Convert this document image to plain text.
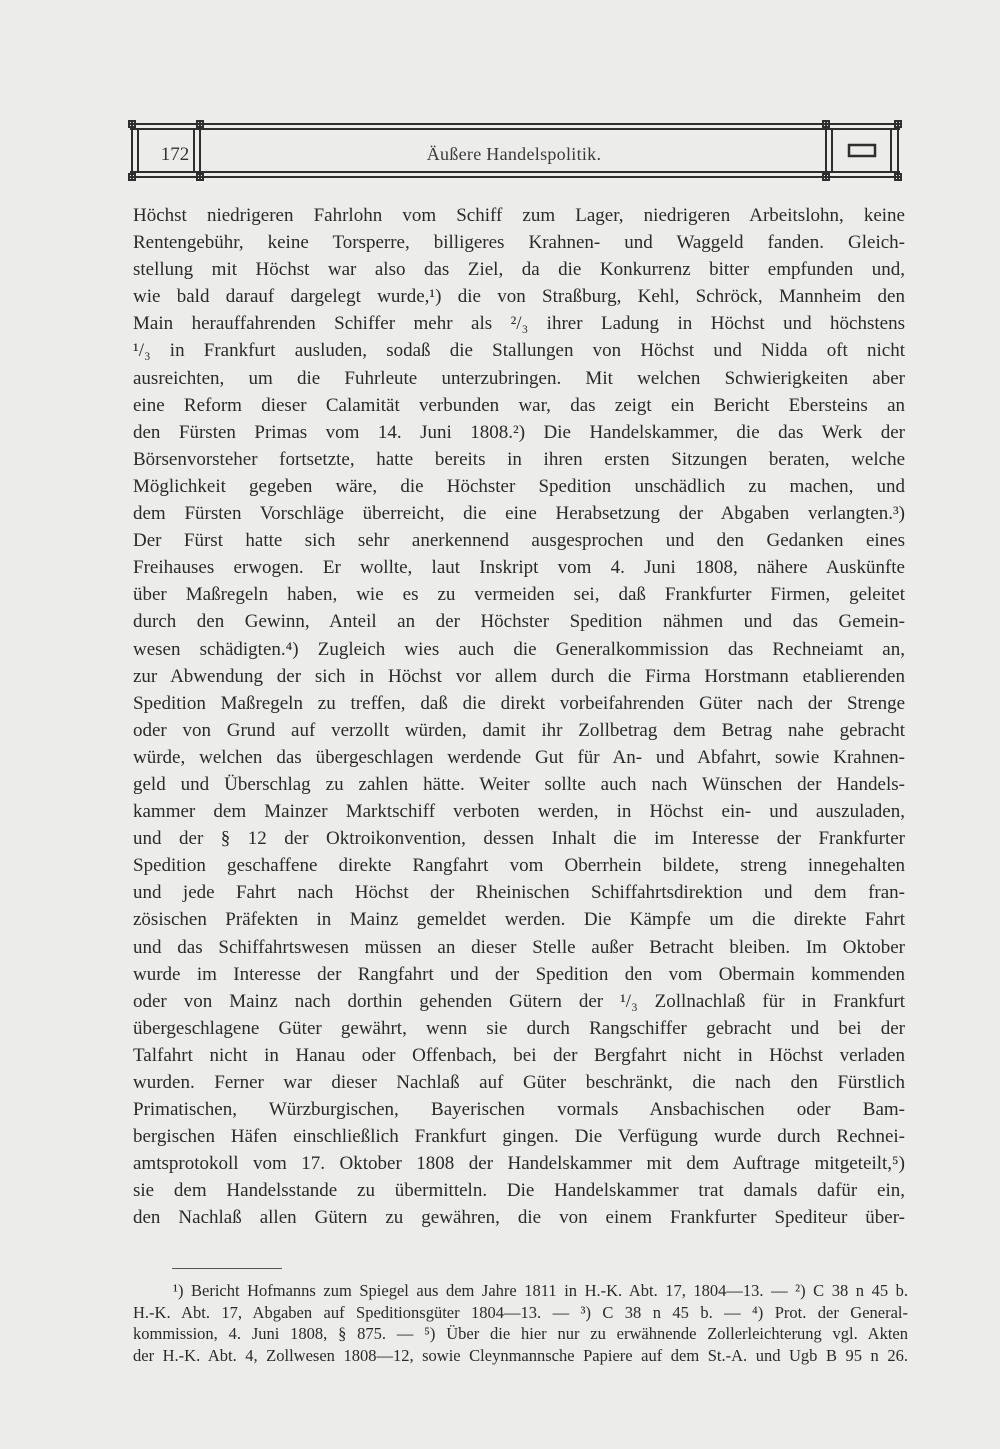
172	Äußere Handelspolitik.
Höchst niedrigeren Fahrlohn vom Schiff zum Lager, niedrigeren Arbeitslohn, keine
Rentengebühr, keine Torsperre, billigeres Krahnen- und Waggeld fanden. Gleich-
stellung mit Höchst war also das Ziel, da die Konkurrenz bitter empfunden und,
wie bald darauf dargelegt wurde,¹) die von Straßburg, Kehl, Schröck, Mannheim den
Main herauffahrenden Schiffer mehr als ²/₃ ihrer Ladung in Höchst und höchstens
¹/₃ in Frankfurt ausluden, sodaß die Stallungen von Höchst und Nidda oft nicht
ausreichten, um die Fuhrleute unterzubringen. Mit welchen Schwierigkeiten aber
eine Reform dieser Calamität verbunden war, das zeigt ein Bericht Ebersteins an
den Fürsten Primas vom 14. Juni 1808.²) Die Handelskammer, die das Werk der
Börsenvorsteher fortsetzte, hatte bereits in ihren ersten Sitzungen beraten, welche
Möglichkeit gegeben wäre, die Höchster Spedition unschädlich zu machen, und
dem Fürsten Vorschläge überreicht, die eine Herabsetzung der Abgaben verlangten.³)
Der Fürst hatte sich sehr anerkennend ausgesprochen und den Gedanken eines
Freihauses erwogen. Er wollte, laut Inskript vom 4. Juni 1808, nähere Auskünfte
über Maßregeln haben, wie es zu vermeiden sei, daß Frankfurter Firmen, geleitet
durch den Gewinn, Anteil an der Höchster Spedition nähmen und das Gemein-
wesen schädigten.⁴) Zugleich wies auch die Generalkommission das Rechneiamt an,
zur Abwendung der sich in Höchst vor allem durch die Firma Horstmann etablierenden
Spedition Maßregeln zu treffen, daß die direkt vorbeifahrenden Güter nach der Strenge
oder von Grund auf verzollt würden, damit ihr Zollbetrag dem Betrag nahe gebracht
würde, welchen das übergeschlagen werdende Gut für An- und Abfahrt, sowie Krahnen-
geld und Überschlag zu zahlen hätte. Weiter sollte auch nach Wünschen der Handels-
kammer dem Mainzer Marktschiff verboten werden, in Höchst ein- und auszuladen,
und der § 12 der Oktroikonvention, dessen Inhalt die im Interesse der Frankfurter
Spedition geschaffene direkte Rangfahrt vom Oberrhein bildete, streng innegehalten
und jede Fahrt nach Höchst der Rheinischen Schiffahrtsdirektion und dem fran-
zösischen Präfekten in Mainz gemeldet werden. Die Kämpfe um die direkte Fahrt
und das Schiffahrtswesen müssen an dieser Stelle außer Betracht bleiben. Im Oktober
wurde im Interesse der Rangfahrt und der Spedition den vom Obermain kommenden
oder von Mainz nach dorthin gehenden Gütern der ¹/₃ Zollnachlaß für in Frankfurt
übergeschlagene Güter gewährt, wenn sie durch Rangschiffer gebracht und bei der
Talfahrt nicht in Hanau oder Offenbach, bei der Bergfahrt nicht in Höchst verladen
wurden. Ferner war dieser Nachlaß auf Güter beschränkt, die nach den Fürstlich
Primatischen, Würzburgischen, Bayerischen vormals Ansbachischen oder Bam-
bergischen Häfen einschließlich Frankfurt gingen. Die Verfügung wurde durch Rechnei-
amtsprotokoll vom 17. Oktober 1808 der Handelskammer mit dem Auftrage mitgeteilt,⁵)
sie dem Handelsstande zu übermitteln. Die Handelskammer trat damals dafür ein,
den Nachlaß allen Gütern zu gewähren, die von einem Frankfurter Spediteur über-
¹) Bericht Hofmanns zum Spiegel aus dem Jahre 1811 in H.-K. Abt. 17, 1804—13. — ²) C 38 n 45 b.
H.-K. Abt. 17, Abgaben auf Speditionsgüter 1804—13. — ³) C 38 n 45 b. — ⁴) Prot. der General-
kommission, 4. Juni 1808, § 875. — ⁵) Über die hier nur zu erwähnende Zollerleichterung vgl. Akten
der H.-K. Abt. 4, Zollwesen 1808—12, sowie Cleynmannsche Papiere auf dem St.-A. und Ugb B 95 n 26.
